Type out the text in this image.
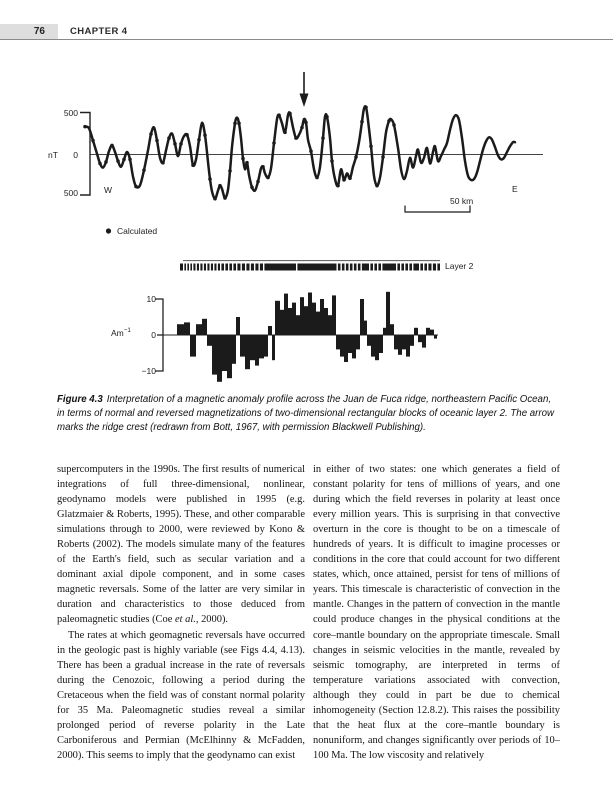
76	CHAPTER 4
500
nT	0
500	W	E
50 km
Calculated
Layer 2
10
0
−10
$Am^{-1}$
Figure 4.3 Interpretation of a magnetic anomaly profile across the Juan de Fuca ridge, northeastern Pacific Ocean, in terms of normal and reversed magnetizations of two-dimensional rectangular blocks of oceanic layer 2. The arrow marks the ridge crest (redrawn from Bott, 1967, with permission Blackwell Publishing).

supercomputers in the 1990s. The first results of numerical integrations of full three-dimensional, nonlinear, geodynamo models were published in 1995 (e.g. Glatzmaier & Roberts, 1995). These, and other comparable simulations through to 2000, were reviewed by Kono & Roberts (2002). The models simulate many of the features of the Earth's field, such as secular variation and a dominant axial dipole component, and in some cases magnetic reversals. Some of the latter are very similar in duration and characteristics to those deduced from paleomagnetic studies (Coe et al., 2000).

The rates at which geomagnetic reversals have occurred in the geologic past is highly variable (see Figs 4.4, 4.13). There has been a gradual increase in the rate of reversals during the Cenozoic, following a period during the Cretaceous when the field was of constant normal polarity for 35 Ma. Paleomagnetic studies reveal a similar prolonged period of reverse polarity in the Late Carboniferous and Permian (McElhinny & McFadden, 2000). This seems to imply that the geodynamo can exist

in either of two states: one which generates a field of constant polarity for tens of millions of years, and one during which the field reverses in polarity at least once every million years. This is surprising in that convective overturn in the core is thought to be on a timescale of hundreds of years. It is difficult to imagine processes or conditions in the core that could account for two different states, which, once attained, persist for tens of millions of years. This timescale is characteristic of convection in the mantle. Changes in the pattern of convection in the mantle could produce changes in the physical conditions at the core–mantle boundary on the appropriate timescale. Small changes in seismic velocities in the mantle, revealed by seismic tomography, are interpreted in terms of temperature variations associated with convection, although they could in part be due to chemical inhomogeneity (Section 12.8.2). This raises the possibility that the heat flux at the core–mantle boundary is nonuniform, and changes significantly over periods of 10–100 Ma. The low viscosity and relatively
